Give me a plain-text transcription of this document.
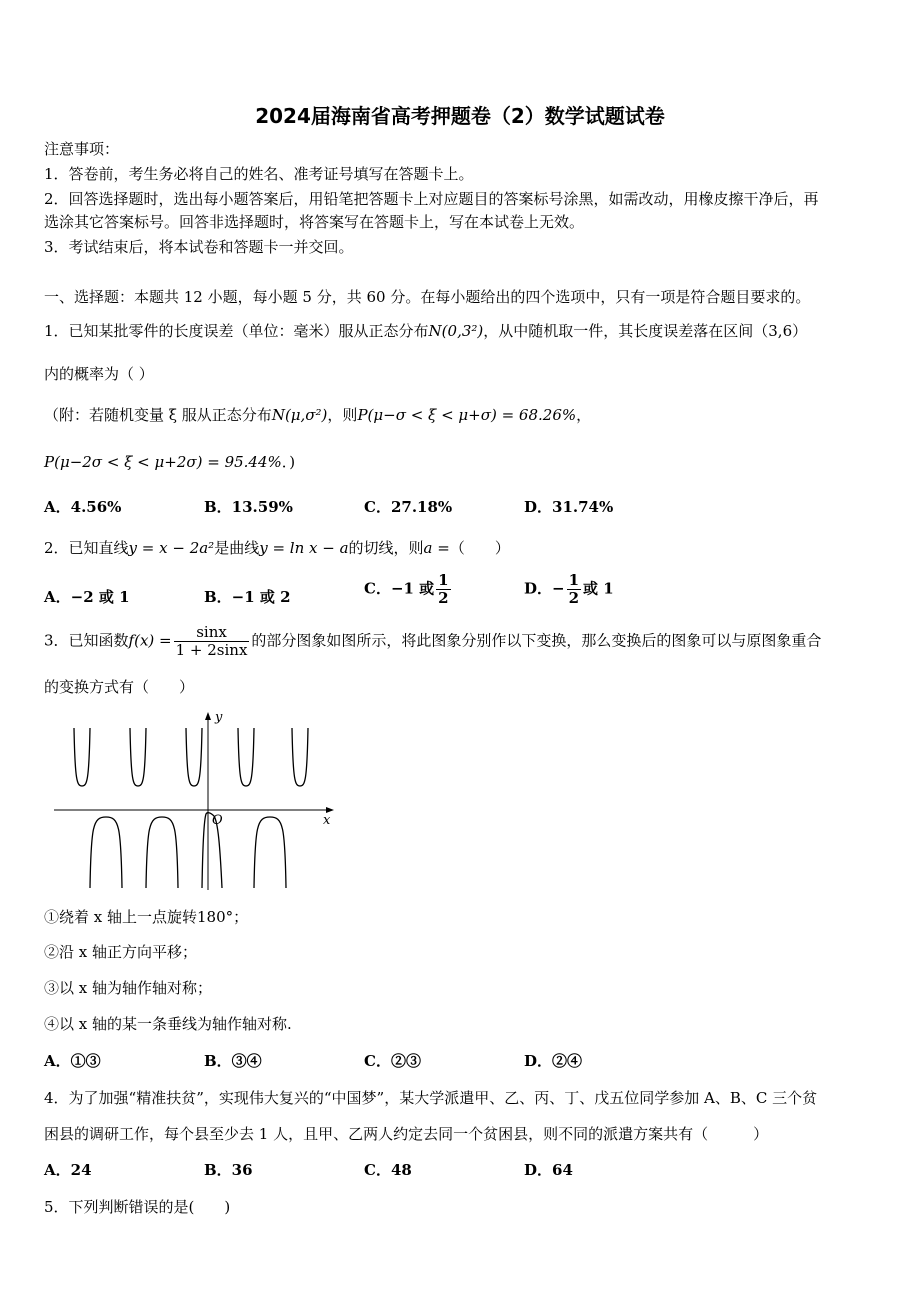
2024届海南省高考押题卷（2）数学试题试卷
注意事项：
1．答卷前，考生务必将自己的姓名、准考证号填写在答题卡上。
2．回答选择题时，选出每小题答案后，用铅笔把答题卡上对应题目的答案标号涂黑，如需改动，用橡皮擦干净后，再
选涂其它答案标号。回答非选择题时，将答案写在答题卡上，写在本试卷上无效。
3．考试结束后，将本试卷和答题卡一并交回。
一、选择题：本题共 12 小题，每小题 5 分，共 60 分。在每小题给出的四个选项中，只有一项是符合题目要求的。
1．已知某批零件的长度误差（单位：毫米）服从正态分布N(0,3²)，从中随机取一件，其长度误差落在区间（3,6）
内的概率为（ ）
（附：若随机变量 ξ 服从正态分布N(μ,σ²)，则P(μ−σ < ξ < μ+σ) = 68.26%，
P(μ−2σ < ξ < μ+2σ) = 95.44%．)
A．4.56%	B．13.59%	C．27.18%	D．31.74%
2．已知直线y = x − 2a²是曲线y = ln x − a的切线，则a =（　　）
A．−2 或 1	B．−1 或 2	C．−1 或 $\frac{1}{2}$	D．− $\frac{1}{2}$ 或 1
3．已知函数$f(x) = \frac{\sin x}{1 + 2\sin x}$ 的部分图象如图所示，将此图象分别作以下变换，那么变换后的图象可以与原图象重合
的变换方式有（　　）
x
y
O
①绕着 x 轴上一点旋转180°；
②沿 x 轴正方向平移；
③以 x 轴为轴作轴对称；
④以 x 轴的某一条垂线为轴作轴对称.
A．①③	B．③④	C．②③	D．②④
4．为了加强“精准扶贫”，实现伟大复兴的“中国梦”，某大学派遣甲、乙、丙、丁、戊五位同学参加 A、B、C 三个贫
困县的调研工作，每个县至少去 1 人，且甲、乙两人约定去同一个贫困县，则不同的派遣方案共有（　　　）
A．24	B．36	C．48	D．64
5．下列判断错误的是(　　)
